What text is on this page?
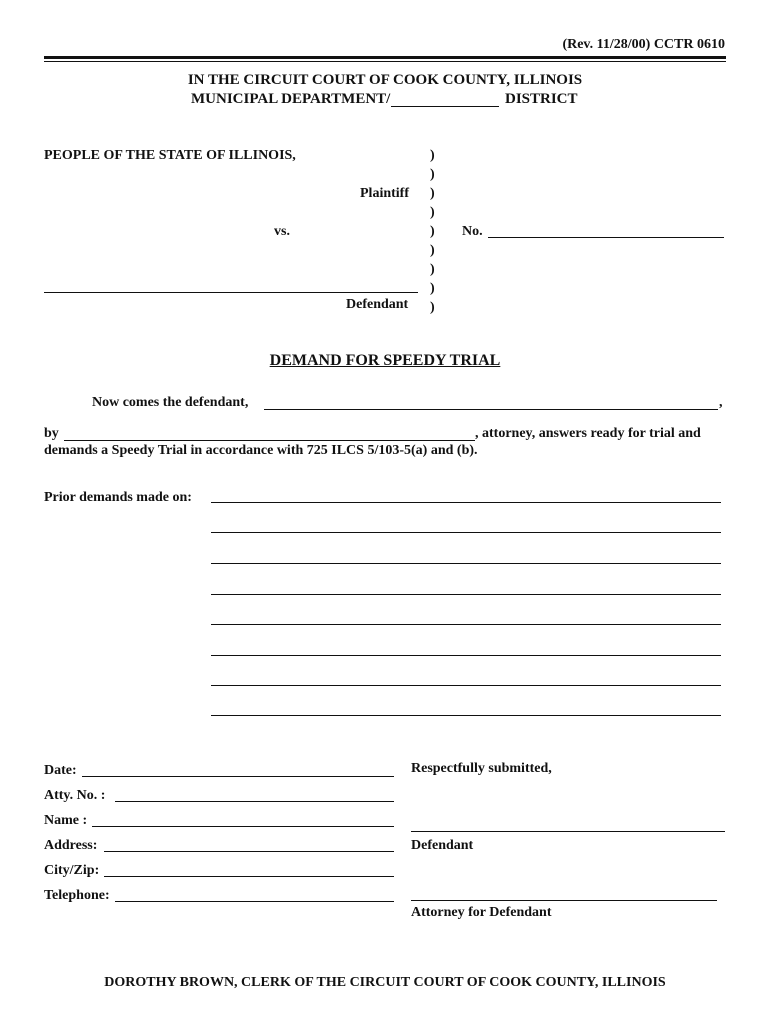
(Rev. 11/28/00) CCTR 0610
IN THE CIRCUIT COURT OF COOK COUNTY, ILLINOIS
MUNICIPAL DEPARTMENT/	DISTRICT
PEOPLE OF THE STATE OF ILLINOIS,
Plaintiff
vs.
Defendant
)
)
)
)
)
)
)
)
)
No.
DEMAND FOR SPEEDY TRIAL
Now comes the defendant,	,
by	, attorney, answers ready for trial and
demands a Speedy Trial in accordance with 725 ILCS 5/103-5(a) and (b).
Prior demands made on:
Date:
Atty. No. :
Name :
Address:
City/Zip:
Telephone:
Respectfully submitted,
Defendant
Attorney for Defendant
DOROTHY BROWN, CLERK OF THE CIRCUIT COURT OF COOK COUNTY, ILLINOIS
